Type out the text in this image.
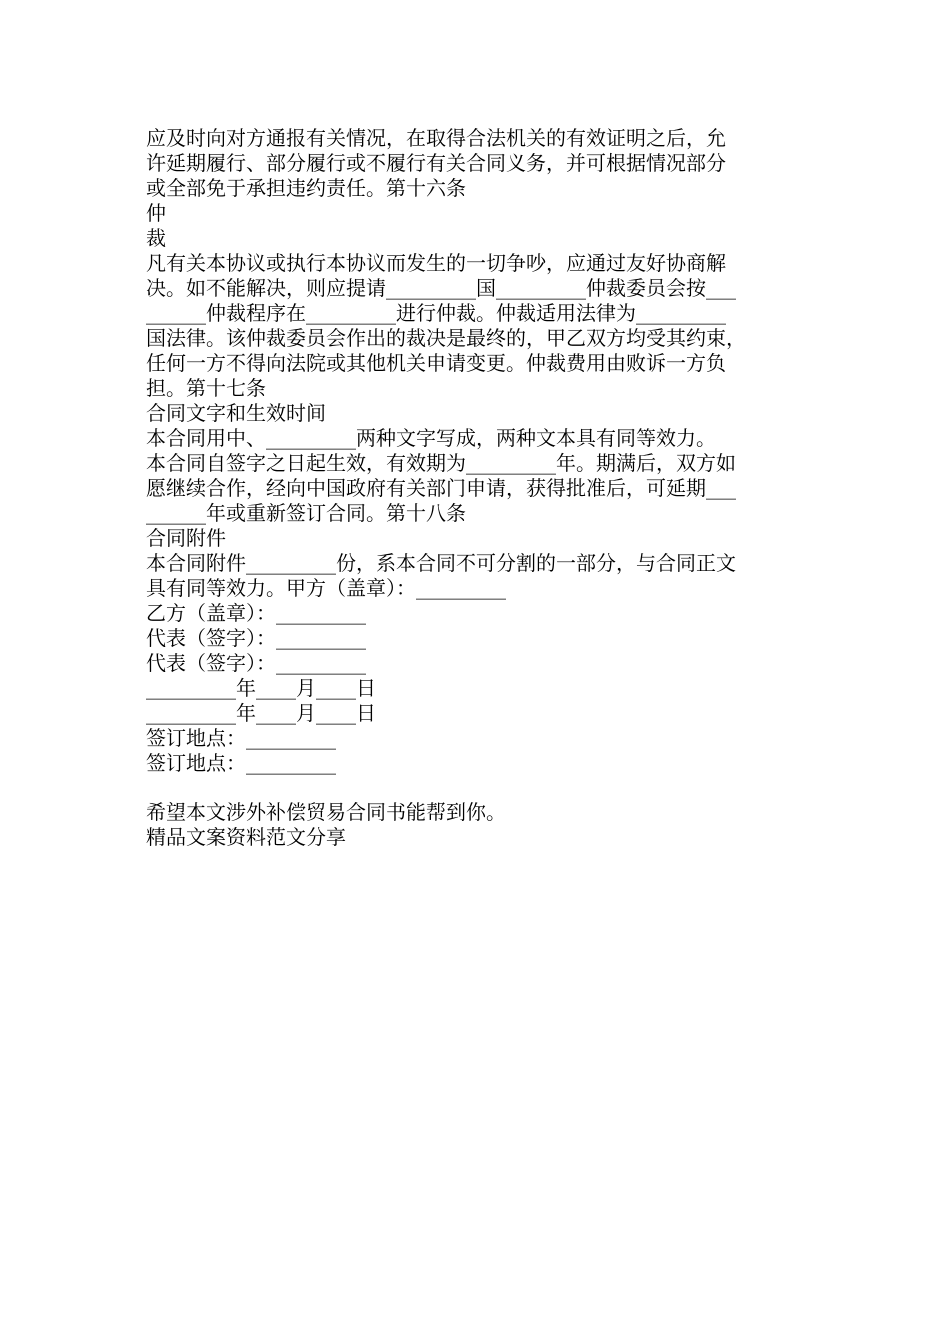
应及时向对方通报有关情况，在取得合法机关的有效证明之后，允
许延期履行、部分履行或不履行有关合同义务，并可根据情况部分
或全部免于承担违约责任。第十六条
仲
裁
凡有关本协议或执行本协议而发生的一切争吵，应通过友好协商解
决。如不能解决，则应提请_________国_________仲裁委员会按___
______仲裁程序在_________进行仲裁。仲裁适用法律为_________
国法律。该仲裁委员会作出的裁决是最终的，甲乙双方均受其约束，
任何一方不得向法院或其他机关申请变更。仲裁费用由败诉一方负
担。第十七条
合同文字和生效时间
本合同用中、_________两种文字写成，两种文本具有同等效力。
本合同自签字之日起生效，有效期为_________年。期满后，双方如
愿继续合作，经向中国政府有关部门申请，获得批准后，可延期___
______年或重新签订合同。第十八条
合同附件
本合同附件_________份，系本合同不可分割的一部分，与合同正文
具有同等效力。甲方（盖章）：_________
乙方（盖章）：_________
代表（签字）：_________
代表（签字）：_________
_________年____月____日
_________年____月____日
签订地点：_________
签订地点：_________
希望本文涉外补偿贸易合同书能帮到你。
精品文案资料范文分享
